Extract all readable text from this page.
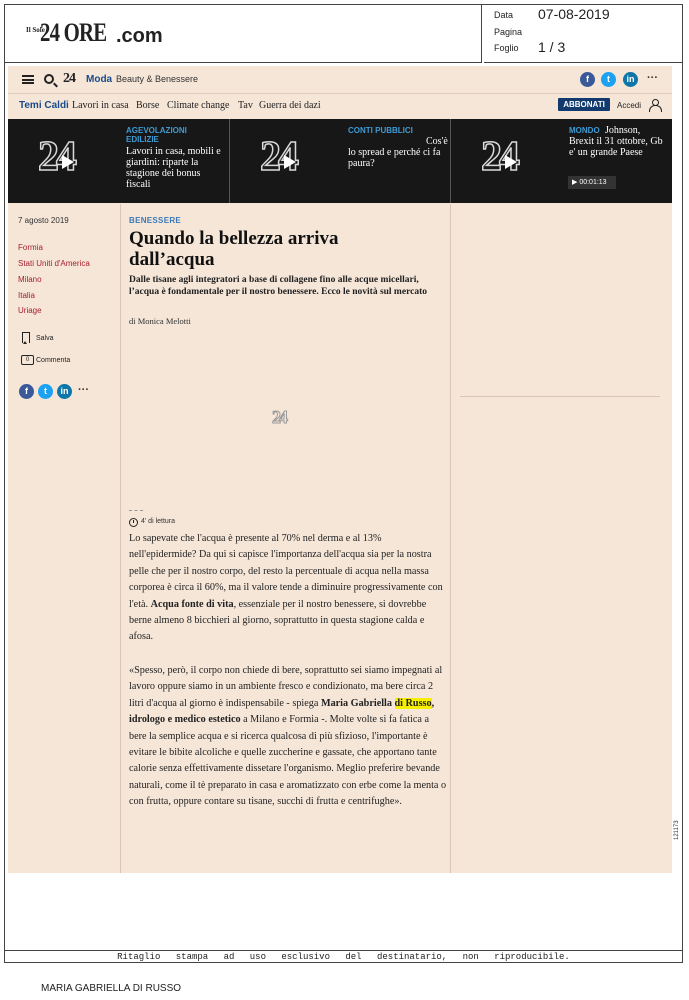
Il Sole
24 ORE .com
Data 07-08-2019
Pagina
Foglio 1 / 3
24 Moda Beauty & Benessere	f	t	in	···
Temi Caldi Lavori in casa Borse Climate change Tav Guerra dei dazi	ABBONATI	Accedi
24
AGEVOLAZIONI EDILIZIE
Lavori in casa, mobili e giardini: riparte la stagione dei bonus fiscali
24
CONTI PUBBLICI
Cos'è lo spread e perché ci fa paura?	24
MONDO Johnson, Brexit il 31 ottobre, Gb e' un grande Paese
▶ 00:01:13
7 agosto 2019
Formia
Stati Uniti d'America
Milano
Italia
Uriage
Salva
0 Commenta
f	t	in ···
BENESSERE
Quando la bellezza arriva dall’acqua

Dalle tisane agli integratori a base di collagene fino alle acque micellari, l’acqua è fondamentale per il nostro benessere. Ecco le novità sul mercato

di Monica Melotti
24
4' di lettura

Lo sapevate che l'acqua è presente al 70% nel derma e al 13% nell'epidermide? Da qui si capisce l'importanza dell'acqua sia per la nostra pelle che per il nostro corpo, del resto la percentuale di acqua nella massa corporea è circa il 60%, ma il valore tende a diminuire progressivamente con l'età. Acqua fonte di vita, essenziale per il nostro benessere, si dovrebbe berne almeno 8 bicchieri al giorno, soprattutto in questa stagione calda e afosa.

«Spesso, però, il corpo non chiede di bere, soprattutto sei siamo impegnati al lavoro oppure siamo in un ambiente fresco e condizionato, ma bere circa 2 litri d'acqua al giorno è indispensabile - spiega Maria Gabriella di Russo, idrologo e medico estetico a Milano e Formia -. Molte volte si fa fatica a bere la semplice acqua e si ricerca qualcosa di più sfizioso, l'importante è evitare le bibite alcoliche e quelle zuccherine e gassate, che apportano tante calorie senza effettivamente dissetare l'organismo. Meglio preferire bevande naturali, come il tè preparato in casa e aromatizzato con erbe come la menta o con frutta, oppure contare su tisane, succhi di frutta e centrifughe».

Ritaglio stampa ad uso esclusivo del destinatario, non riproducibile.
MARIA GABRIELLA DI RUSSO
121173
